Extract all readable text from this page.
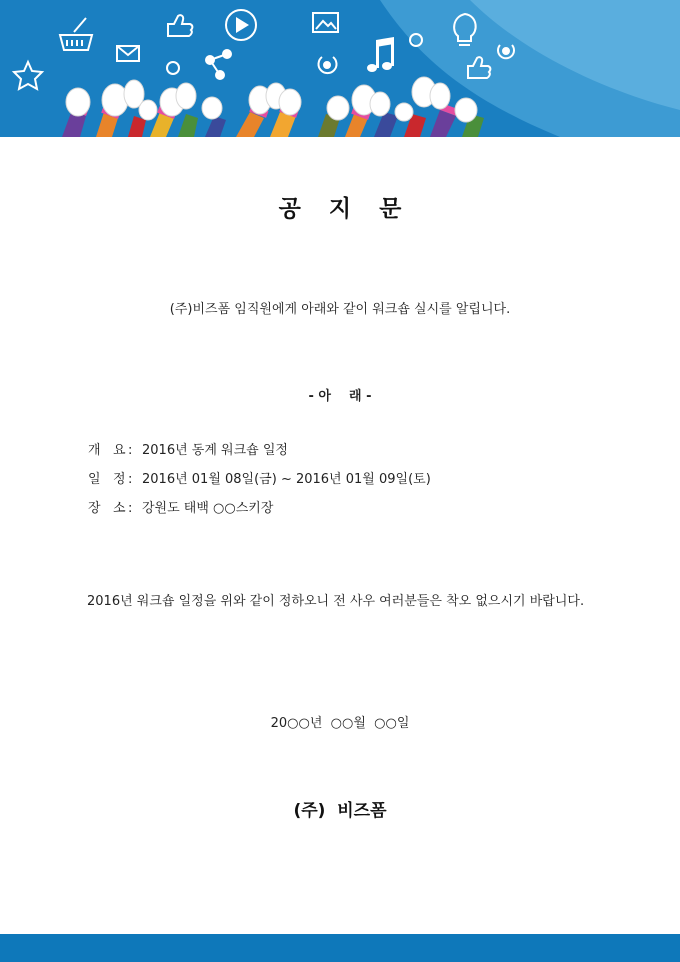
공 지 문
(주)비즈폼 임직원에게 아래와 같이 워크숍 실시를 알립니다.
- 아    래 -
개   요 : 2016년 동계 워크숍 일정
일   정 : 2016년 01월 08일(금) ~ 2016년 01월 09일(토)
장   소 : 강원도 태백 ○○스키장
2016년 워크숍 일정을 위와 같이 정하오니 전 사우 여러분들은 착오 없으시기 바랍니다.
20○○년  ○○월  ○○일
(주)  비즈폼
